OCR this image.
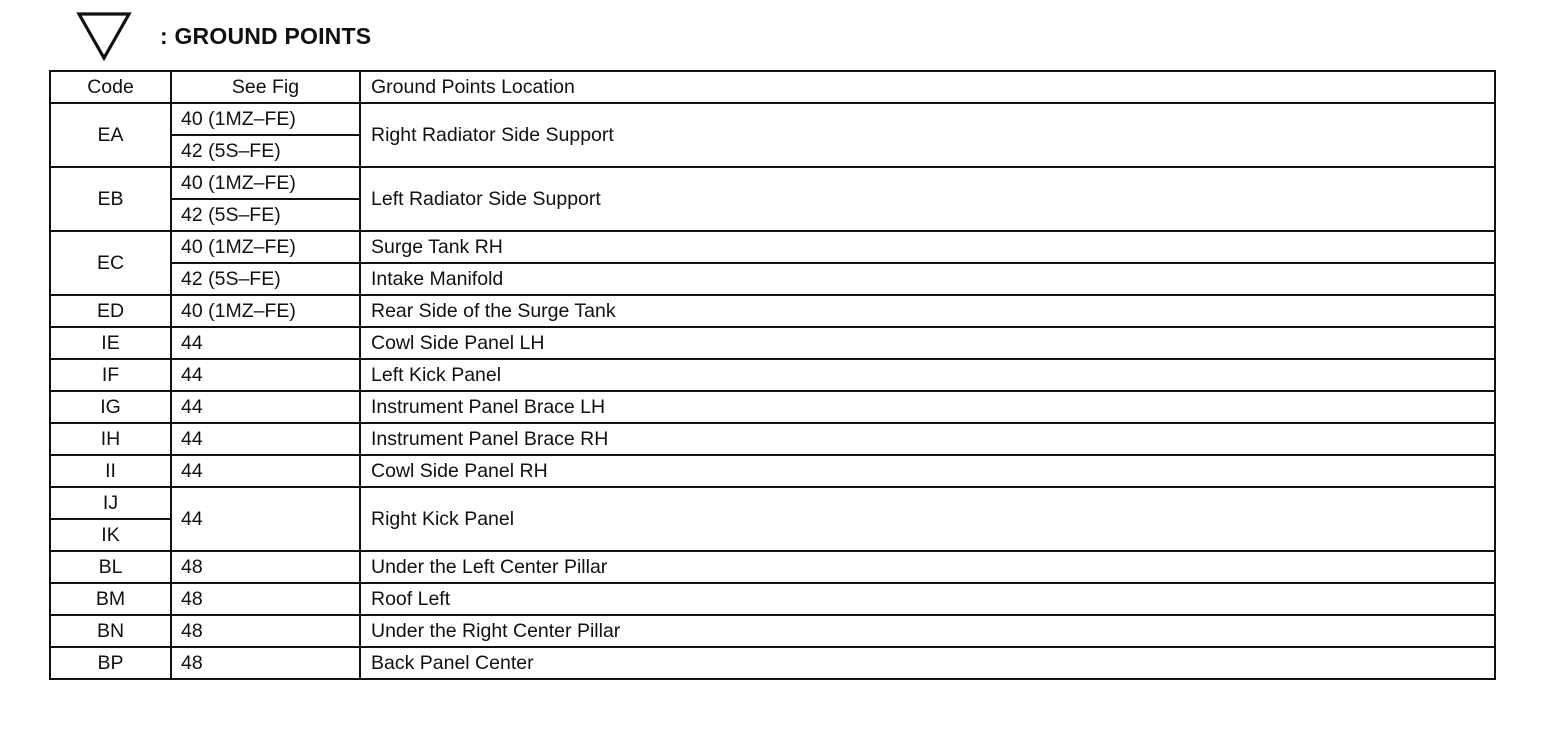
: GROUND POINTS
Code	See Fig	Ground Points Location
EA	40 (1MZ–FE)	Right Radiator Side Support
	42 (5S–FE)	
EB	40 (1MZ–FE)	Left Radiator Side Support
	42 (5S–FE)	
EC	40 (1MZ–FE)	Surge Tank RH
	42 (5S–FE)	Intake Manifold
ED	40 (1MZ–FE)	Rear Side of the Surge Tank
IE	44	Cowl Side Panel LH
IF	44	Left Kick Panel
IG	44	Instrument Panel Brace LH
IH	44	Instrument Panel Brace RH
II	44	Cowl Side Panel RH
IJ	44	Right Kick Panel
IK		
BL	48	Under the Left Center Pillar
BM	48	Roof Left
BN	48	Under the Right Center Pillar
BP	48	Back Panel Center
